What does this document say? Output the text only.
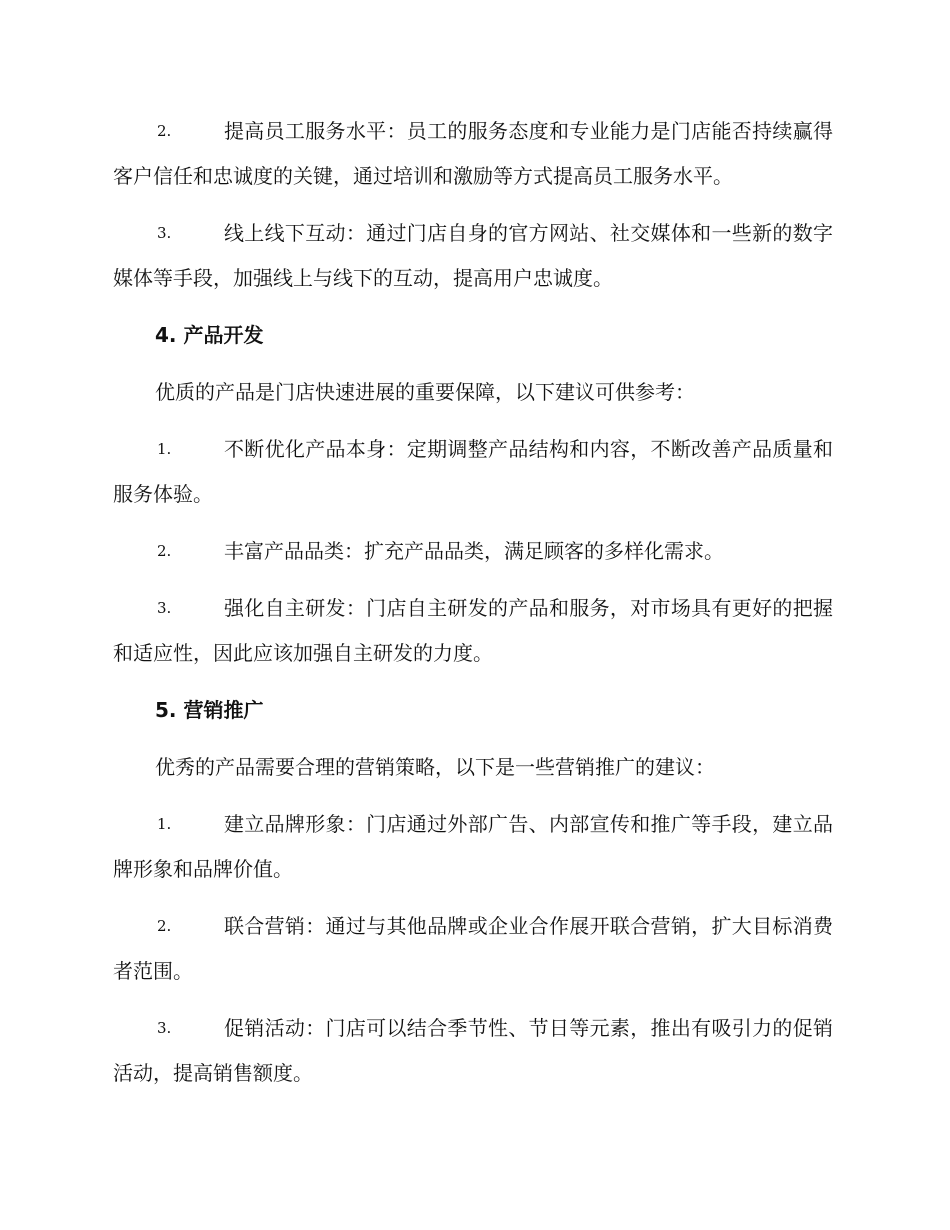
2.	提高员工服务水平：员工的服务态度和专业能力是门店能否持续赢得客户信任和忠诚度的关键，通过培训和激励等方式提高员工服务水平。
3.	线上线下互动：通过门店自身的官方网站、社交媒体和一些新的数字媒体等手段，加强线上与线下的互动，提高用户忠诚度。
4. 产品开发
优质的产品是门店快速进展的重要保障，以下建议可供参考：
1.	不断优化产品本身：定期调整产品结构和内容，不断改善产品质量和服务体验。
2.	丰富产品品类：扩充产品品类，满足顾客的多样化需求。
3.	强化自主研发：门店自主研发的产品和服务，对市场具有更好的把握和适应性，因此应该加强自主研发的力度。
5. 营销推广
优秀的产品需要合理的营销策略，以下是一些营销推广的建议：
1.	建立品牌形象：门店通过外部广告、内部宣传和推广等手段，建立品牌形象和品牌价值。
2.	联合营销：通过与其他品牌或企业合作展开联合营销，扩大目标消费者范围。
3.	促销活动：门店可以结合季节性、节日等元素，推出有吸引力的促销活动，提高销售额度。
